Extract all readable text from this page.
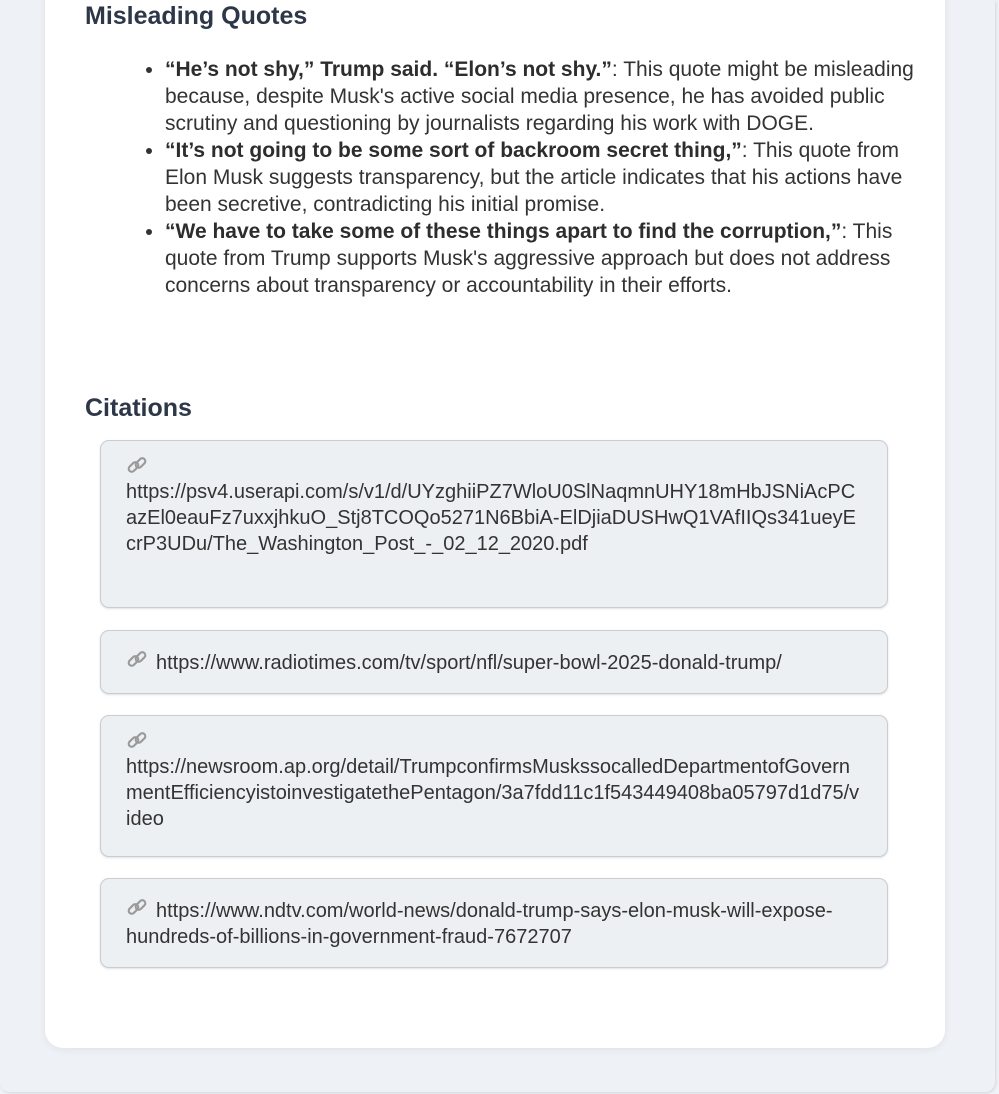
Misleading Quotes
• “He’s not shy,” Trump said. “Elon’s not shy.”: This quote might be misleading because, despite Musk's active social media presence, he has avoided public scrutiny and questioning by journalists regarding his work with DOGE.
• “It’s not going to be some sort of backroom secret thing,”: This quote from Elon Musk suggests transparency, but the article indicates that his actions have been secretive, contradicting his initial promise.
• “We have to take some of these things apart to find the corruption,”: This quote from Trump supports Musk's aggressive approach but does not address concerns about transparency or accountability in their efforts.
Citations
https://psv4.userapi.com/s/v1/d/UYzghiiPZ7WloU0SlNaqmnUHY18mHbJSNiAcPCazEl0eauFz7uxxjhkuO_Stj8TCOQo5271N6BbiA-ElDjiaDUSHwQ1VAfIIQs341ueyEcrP3UDu/The_Washington_Post_-_02_12_2020.pdf
https://www.radiotimes.com/tv/sport/nfl/super-bowl-2025-donald-trump/
https://newsroom.ap.org/detail/TrumpconfirmsMuskssocalledDepartmentofGovernmentEfficiencyistoinvestigatethePentagon/3a7fdd11c1f543449408ba05797d1d75/video
https://www.ndtv.com/world-news/donald-trump-says-elon-musk-will-expose-hundreds-of-billions-in-government-fraud-7672707
